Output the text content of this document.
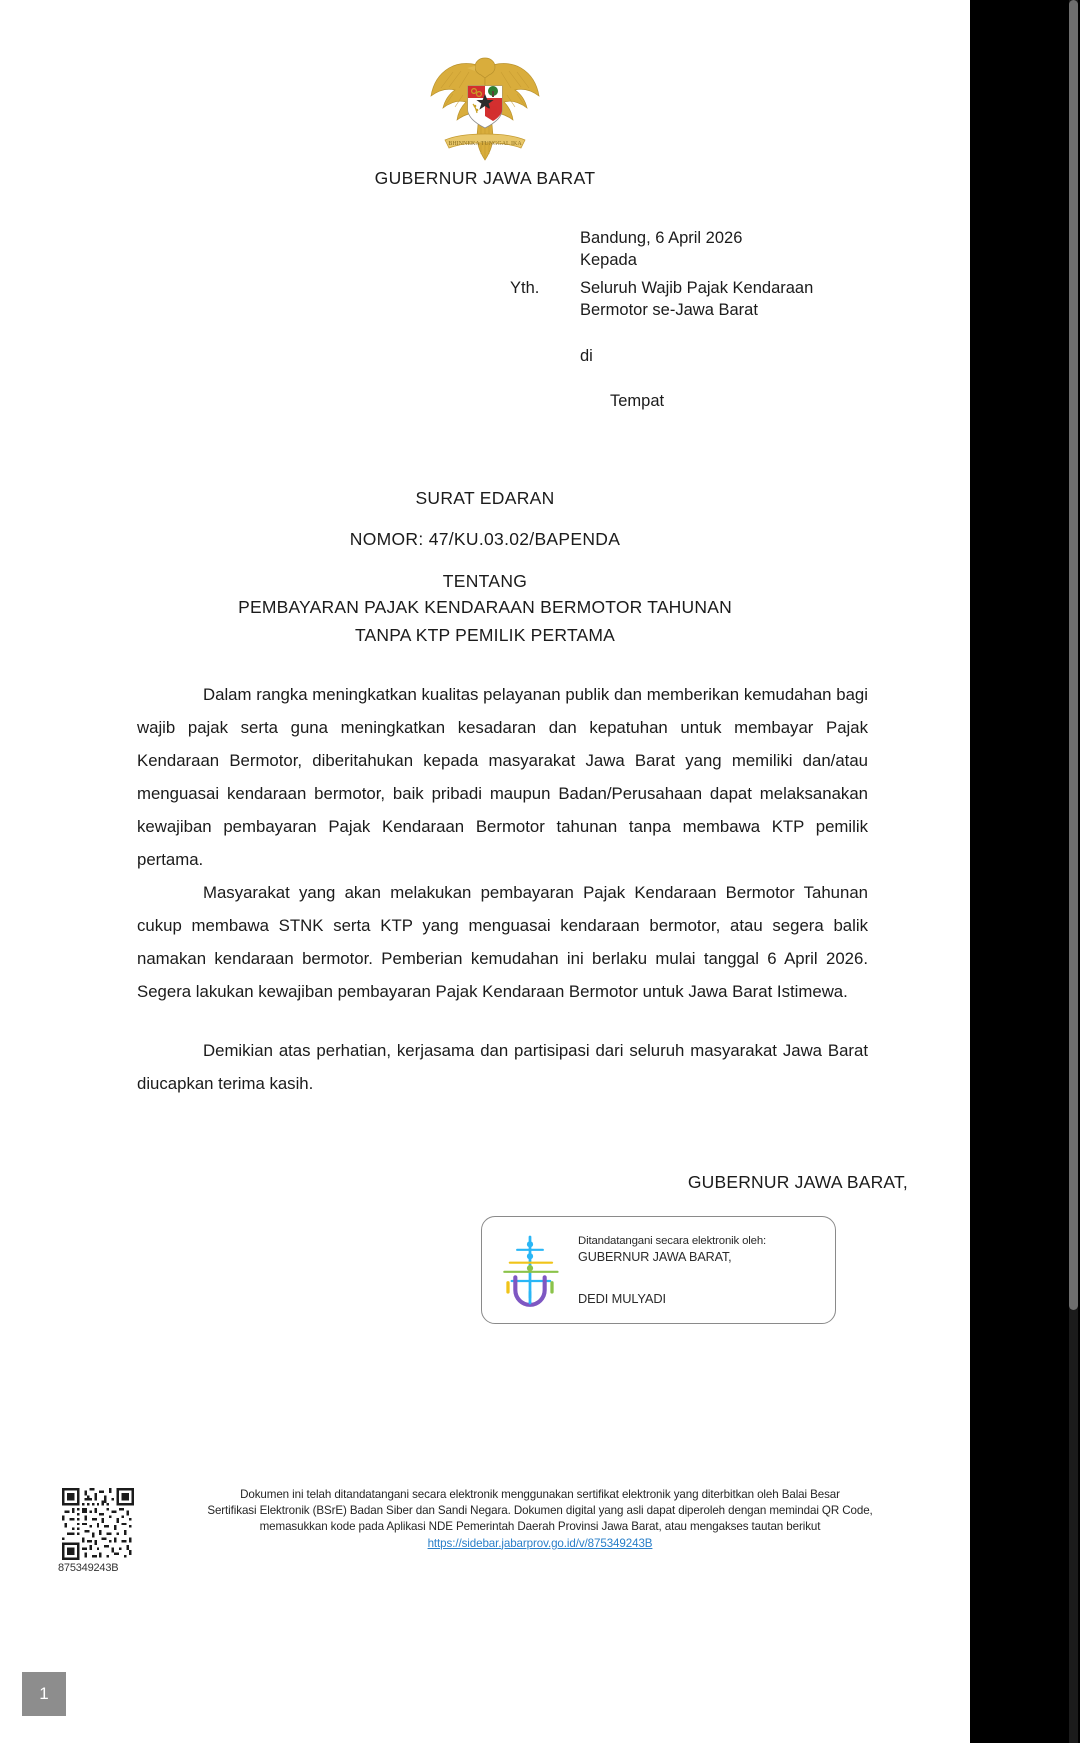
BHINNEKA TUNGGAL IKA
GUBERNUR JAWA BARAT
Bandung, 6 April 2026
Kepada
Yth.	Seluruh Wajib Pajak Kendaraan
Bermotor se-Jawa Barat
di
Tempat
SURAT EDARAN
NOMOR: 47/KU.03.02/BAPENDA
TENTANG
PEMBAYARAN PAJAK KENDARAAN BERMOTOR TAHUNAN
TANPA KTP PEMILIK PERTAMA

Dalam rangka meningkatkan kualitas pelayanan publik dan memberikan kemudahan bagi wajib pajak serta guna meningkatkan kesadaran dan kepatuhan untuk membayar Pajak Kendaraan Bermotor, diberitahukan kepada masyarakat Jawa Barat yang memiliki dan/atau menguasai kendaraan bermotor, baik pribadi maupun Badan/Perusahaan dapat melaksanakan kewajiban pembayaran Pajak Kendaraan Bermotor tahunan tanpa membawa KTP pemilik pertama.

Masyarakat yang akan melakukan pembayaran Pajak Kendaraan Bermotor Tahunan cukup membawa STNK serta KTP yang menguasai kendaraan bermotor, atau segera balik namakan kendaraan bermotor. Pemberian kemudahan ini berlaku mulai tanggal 6 April 2026. Segera lakukan kewajiban pembayaran Pajak Kendaraan Bermotor untuk Jawa Barat Istimewa.

Demikian atas perhatian, kerjasama dan partisipasi dari seluruh masyarakat Jawa Barat diucapkan terima kasih.

GUBERNUR JAWA BARAT,
Ditandatangani secara elektronik oleh:
GUBERNUR JAWA BARAT,
DEDI MULYADI
875349243B
Dokumen ini telah ditandatangani secara elektronik menggunakan sertifikat elektronik yang diterbitkan oleh Balai Besar
Sertifikasi Elektronik (BSrE) Badan Siber dan Sandi Negara. Dokumen digital yang asli dapat diperoleh dengan memindai QR Code,
memasukkan kode pada Aplikasi NDE Pemerintah Daerah Provinsi Jawa Barat, atau mengakses tautan berikut
https://sidebar.jabarprov.go.id/v/875349243B
1
